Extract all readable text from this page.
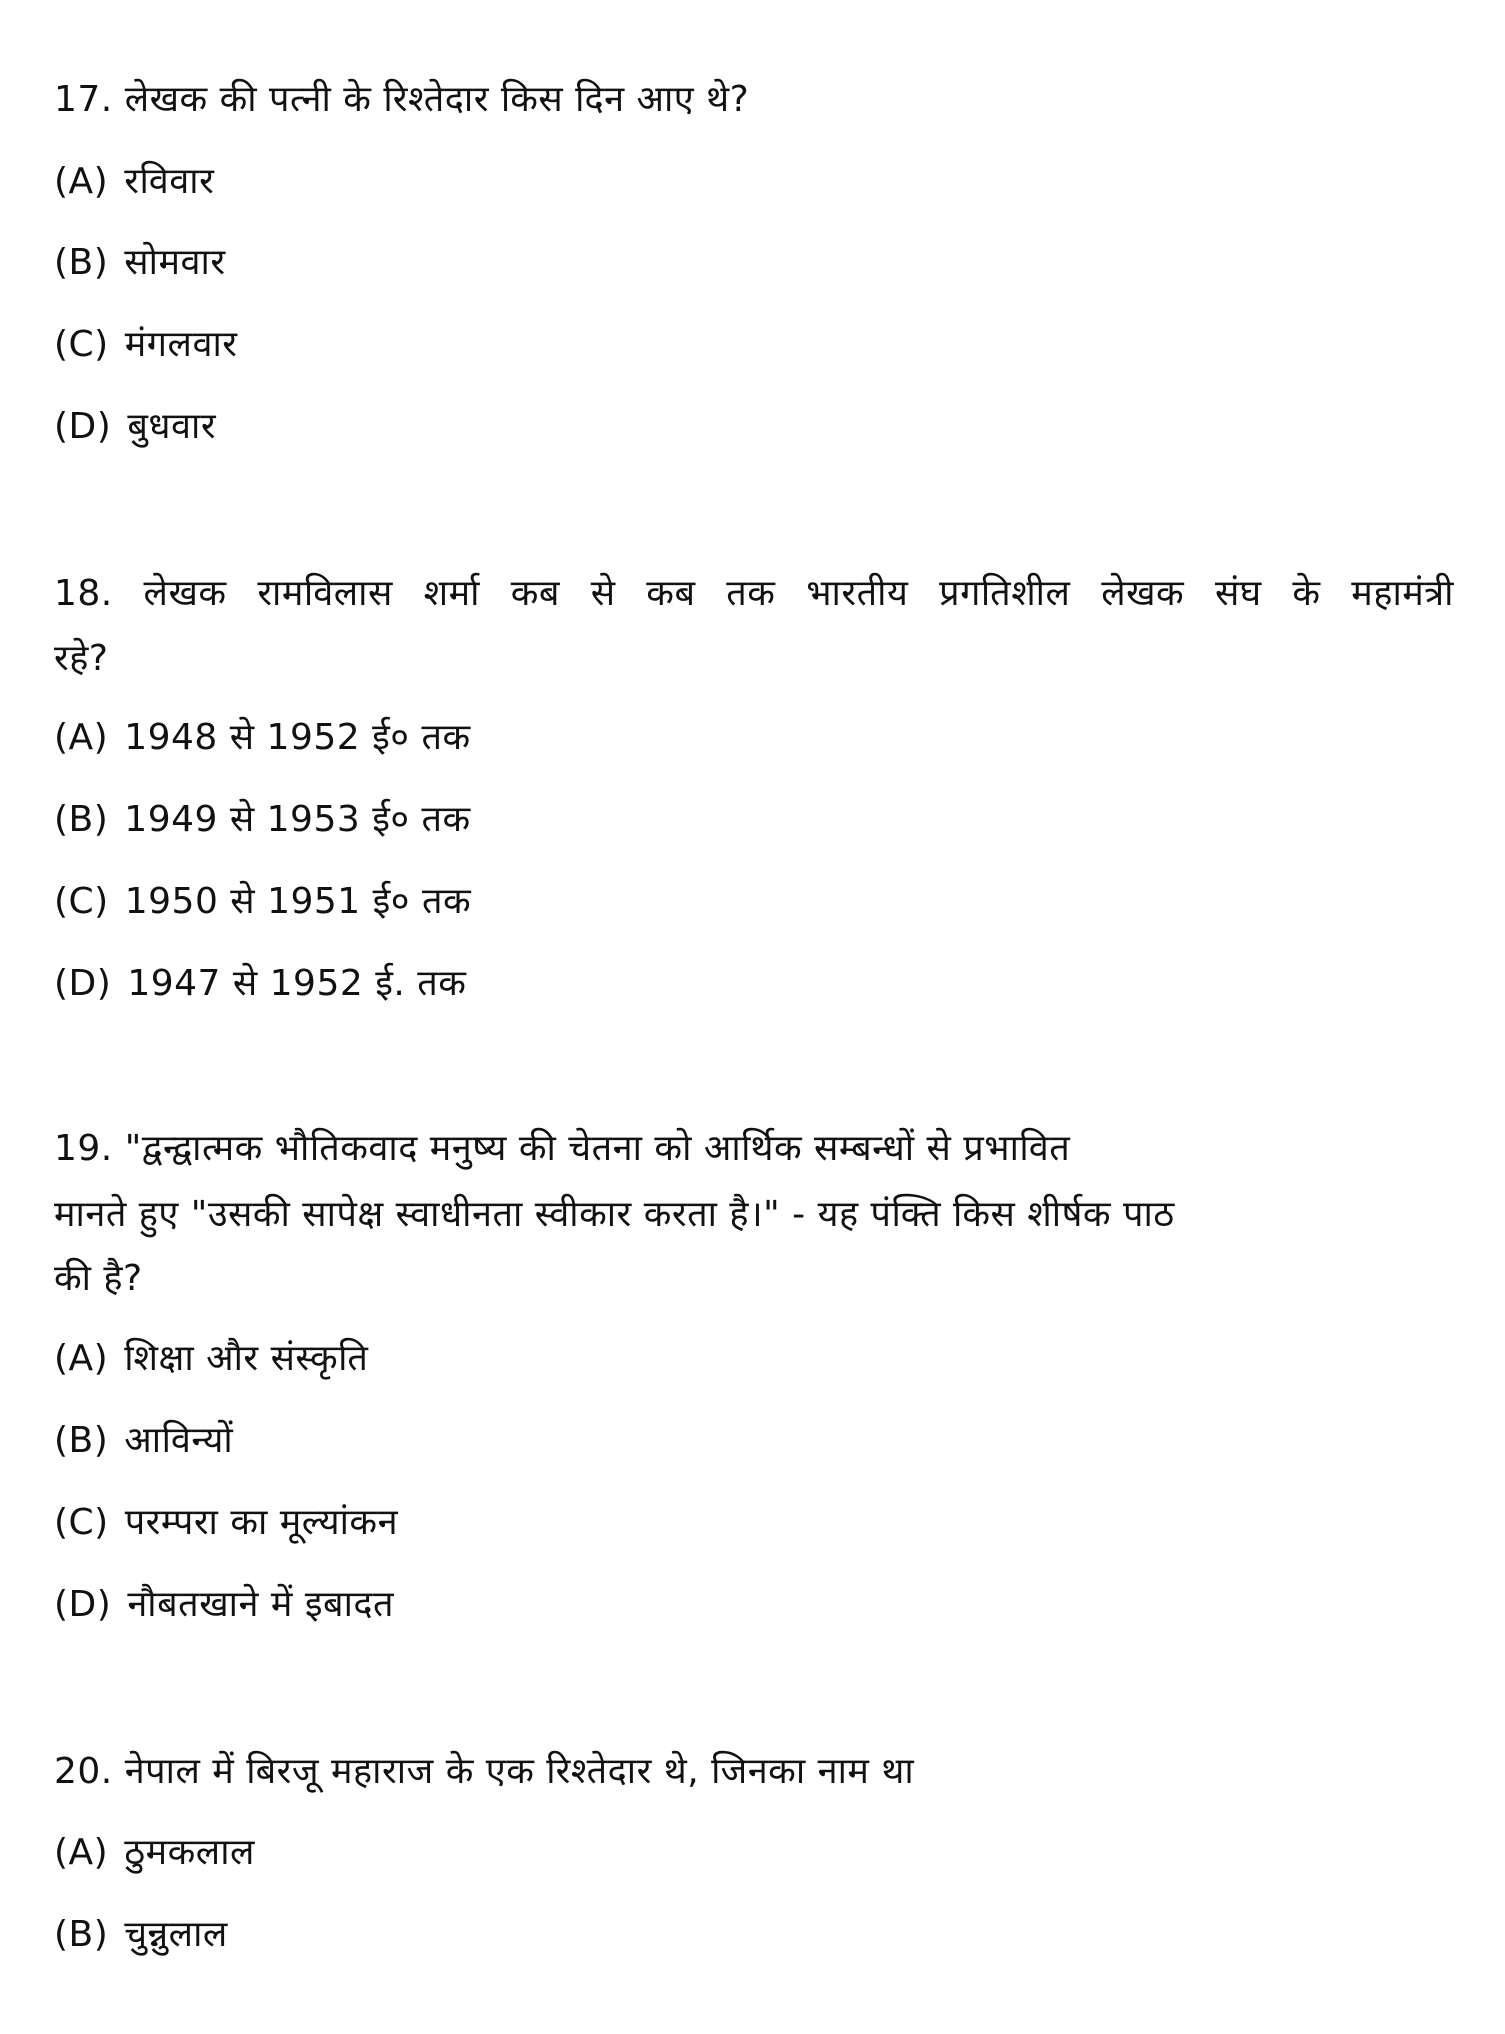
17. लेखक की पत्नी के रिश्तेदार किस दिन आए थे?
(A) रविवार
(B) सोमवार
(C) मंगलवार
(D) बुधवार
18. लेखक रामविलास शर्मा कब से कब तक भारतीय प्रगतिशील लेखक संघ के महामंत्री
रहे?
(A) 1948 से 1952 ई० तक
(B) 1949 से 1953 ई० तक
(C) 1950 से 1951 ई० तक
(D) 1947 से 1952 ई. तक
19. "द्वन्द्वात्मक भौतिकवाद मनुष्य की चेतना को आर्थिक सम्बन्धों से प्रभावित
मानते हुए "उसकी सापेक्ष स्वाधीनता स्वीकार करता है।" - यह पंक्ति किस शीर्षक पाठ
की है?
(A) शिक्षा और संस्कृति
(B) आविन्यों
(C) परम्परा का मूल्यांकन
(D) नौबतखाने में इबादत
20. नेपाल में बिरजू महाराज के एक रिश्तेदार थे, जिनका नाम था
(A) ठुमकलाल
(B) चुन्नुलाल
